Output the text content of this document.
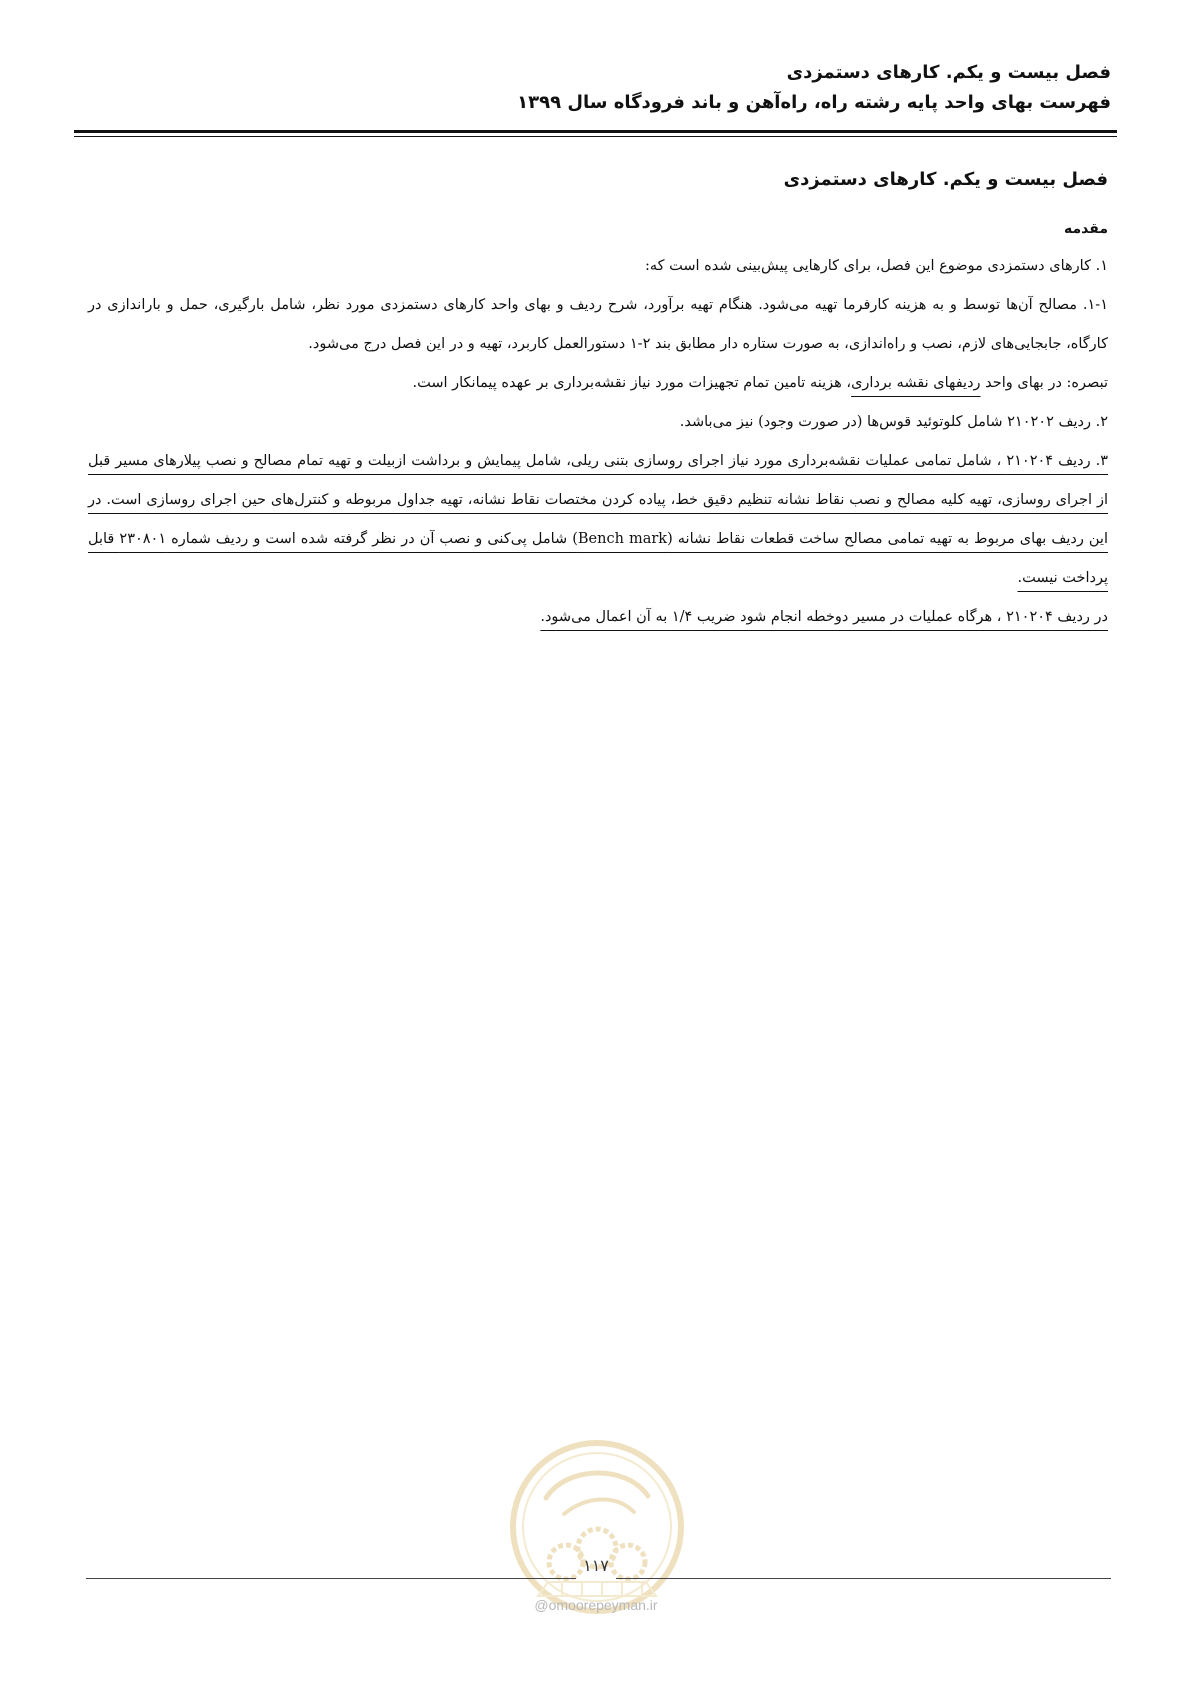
فصل بیست و یکم. کارهای دستمزدی
فهرست بهای واحد پایه رشته راه، راه‌آهن و باند فرودگاه سال ۱۳۹۹
فصل بیست و یکم. کارهای دستمزدی
مقدمه

۱. کارهای دستمزدی موضوع این فصل، برای کارهایی پیش‌بینی شده است که:

۱-۱. مصالح آن‌ها توسط و به هزینه کارفرما تهیه می‌شود. هنگام تهیه برآورد، شرح ردیف و بهای واحد کارهای دستمزدی مورد نظر، شامل بارگیری، حمل و باراندازی در کارگاه، جابجایی‌های لازم، نصب و راه‌اندازی، به صورت ستاره دار مطابق بند ۲-۱ دستورالعمل کاربرد، تهیه و در این فصل درج می‌شود.

تبصره: در بهای واحد ردیفهای نقشه برداری، هزینه تامین تمام تجهیزات مورد نیاز نقشه‌برداری بر عهده پیمانکار است.

۲. ردیف ۲۱۰۲۰۲ شامل کلوتوئید قوس‌ها (در صورت وجود) نیز می‌باشد.

۳. ردیف ۲۱۰۲۰۴ ، شامل تمامی عملیات نقشه‌برداری مورد نیاز اجرای روسازی بتنی ریلی، شامل پیمایش و برداشت ازبیلت و تهیه تمام مصالح و نصب پیلارهای مسیر قبل از اجرای روسازی، تهیه کلیه مصالح و نصب نقاط نشانه تنظیم دقیق خط، پیاده کردن مختصات نقاط نشانه، تهیه جداول مربوطه و کنترل‌های حین اجرای روسازی است. در این ردیف بهای مربوط به تهیه تمامی مصالح ساخت قطعات نقاط نشانه (Bench mark) شامل پی‌کنی و نصب آن در نظر گرفته شده است و ردیف شماره ۲۳۰۸۰۱ قابل پرداخت نیست.

در ردیف ۲۱۰۲۰۴ ، هرگاه عملیات در مسیر دوخطه انجام شود ضریب ۱/۴ به آن اعمال می‌شود.

۱۱۷
@omoorepeyman.ir
